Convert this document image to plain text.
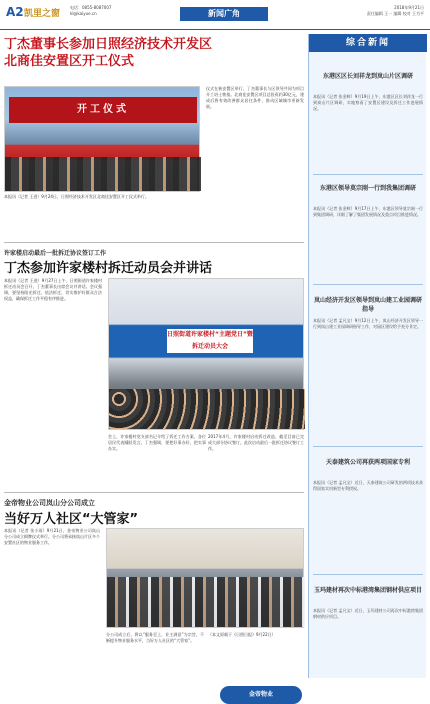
A2 凯里之窗
电话：0855-8087007
kl@kaiyue.cn	新闻广角
2018年9月21日
责任编辑 王一 编辑 校对 王为平
丁杰董事长参加日照经济技术开发区
北商佳安置区开工仪式
开工仪式
本报讯（记者 王进）9月24日，日照经济技术开发区北商佳安置区开工仪式举行。
仪式在新安置区举行，丁杰董事长与区领导共同为项目开工培土奠基。北商佳安置区项目总投资约30亿元，建成后将有效改善群众居住条件，推动区域城市更新发展。
许家楼启动最后一批拆迁协议签订工作
丁杰参加许家楼村拆迁动员会并讲话
本报讯（记者 王进）9月27日上午，日照街道许家楼村拆迁动员会召开，丁杰董事长出席会议并讲话。会议强调，要坚持阳光拆迁、依法拆迁，切实维护好群众合法权益，确保拆迁工作平稳有序推进。
日照街道许家楼村“主题党日”暨拆迁动员大会
会上，许家楼村党支部书记介绍了拆迁工作方案，各位居民代表踊跃发言。丁杰强调，要把好事办好，把实事办实。
2017年4月，许家楼村启动拆迁改造，截至目前已完成大部分协议签订。此次启动最后一批拆迁协议签订工作。
金帝物业公司岚山分公司成立
当好万人社区“大管家”
本报讯（记者 张小雨）9月21日，金帝物业公司岚山分公司成立揭牌仪式举行。分公司将承接岚山片区多个安置社区的物业服务工作。
分公司成立后，将以“服务至上、业主满意”为宗旨，不断提升物业服务水平，当好万人社区的“大管家”。
（本文原载于《日照日报》9月22日）
金帝物业
综合新闻
东港区区长刘祥龙到岚山片区调研
本报讯（记者 张金辉）9月19日上午，东港区区长刘祥龙一行到岚山片区调研，实地察看了安置区建设及拆迁工作进展情况。
东港区领导莫宗刚一行到我集团调研
本报讯（记者 张金辉）9月17日上午，东港区领导莫宗刚一行到集团调研，详细了解了集团发展情况及重点项目推进情况。
岚山经济开发区领导到岚山建工业园调研指导
本报讯（记者 孟凡宝）9月12日上午，岚山经济开发区领导一行到岚山建工业园调研指导工作，对园区建设给予充分肯定。
天泰建筑公司再获两项国家专利
本报讯（记者 孟凡宝）近日，天泰建筑公司研发的两项技术获得国家实用新型专利授权。
玉玛建材再次中标港湾集团钢材供应项目
本报讯（记者 孟凡宝）近日，玉玛建材公司再次中标港湾集团钢材供应项目。
